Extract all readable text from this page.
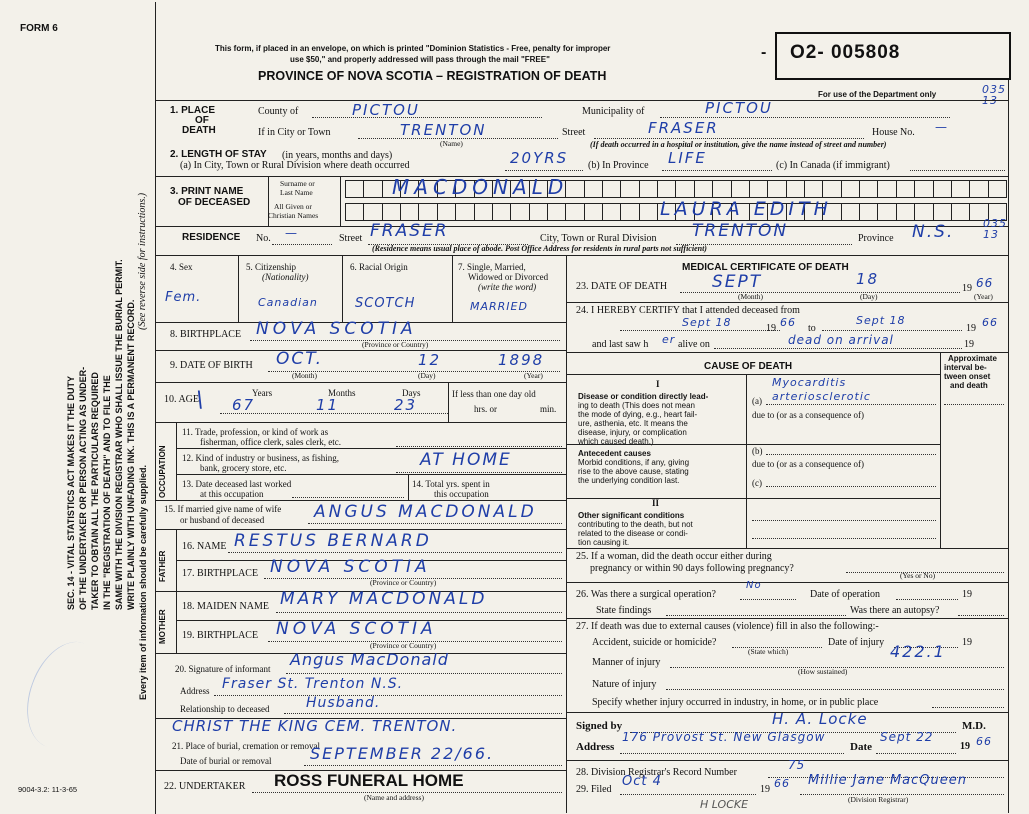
FORM 6
9004-3.2: 11-3-65
SEC. 14 - VITAL STATISTICS ACT MAKES IT THE DUTY OF THE UNDERTAKER OR PERSON ACTING AS UNDER- TAKER TO OBTAIN ALL THE PARTICULARS REQUIRED IN THE "REGISTRATION OF DEATH" AND TO FILE THE SAME WITH THE DIVISION REGISTRAR WHO SHALL ISSUE THE BURIAL PERMIT. WRITE PLAINLY WITH UNFADING INK. THIS IS A PERMANENT RECORD.
(See reverse side for instructions.)
Every item of information should be carefully supplied.
This form, if placed in an envelope, on which is printed "Dominion Statistics - Free, penalty for improper
use $50," and properly addressed will pass through the mail "FREE"
PROVINCE OF NOVA SCOTIA – REGISTRATION OF DEATH
- O2- 005808
For use of the Department only	035 13
1. PLACE
OF
DEATH
County of	PICTOU	Municipality of	PICTOU
If in City or Town	TRENTON
(Name)
Street	FRASER	House No. —
(If death occurred in a hospital or institution, give the name instead of street and number)
2. LENGTH OF STAY (in years, months and days)
(a) In City, Town or Rural Division where death occurred	20YRS (b) In Province LIFE	(c) In Canada (if immigrant)
3. PRINT NAME
OF DECEASED
Surname or
Last Name
All Given or
Christian Names
MACDONALD
LAURA EDITH
RESIDENCE No. —	Street FRASER	City, Town or Rural Division TRENTON	Province N.S.	035 13
(Residence means usual place of abode. Post Office Address for residents in rural parts not sufficient)
4. Sex
Fem.
5. Citizenship
(Nationality)
Canadian
6. Racial Origin
SCOTCH
7. Single, Married,
Widowed or Divorced
(write the word)
MARRIED
8. BIRTHPLACE NOVA SCOTIA
(Province or Country)
9. DATE OF BIRTH OCT.	12	1898
(Month)	(Day)	(Year)
10. AGE
\	Years
67
Months
11
Days
23
If less than one day old
hrs. or	min.
OCCUPATION
11. Trade, profession, or kind of work as
fisherman, office clerk, sales clerk, etc.
12. Kind of industry or business, as fishing,
bank, grocery store, etc.	AT HOME
13. Date deceased last worked
at this occupation
14. Total yrs. spent in
this occupation
15. If married give name of wife
or husband of deceased	ANGUS MACDONALD
FATHER
16. NAME RESTUS BERNARD
17. BIRTHPLACE NOVA SCOTIA
(Province or Country)
MOTHER
18. MAIDEN NAME MARY MACDONALD
19. BIRTHPLACE NOVA SCOTIA
(Province or Country)
20. Signature of informant Angus MacDonald
Address Fraser St. Trenton N.S.
Relationship to deceased	Husband.
CHRIST THE KING CEM. TRENTON.
21. Place of burial, cremation or removal
Date of burial or removal SEPTEMBER 22/66.
22. UNDERTAKER ROSS FUNERAL HOME
(Name and address)
MEDICAL CERTIFICATE OF DEATH
23. DATE OF DEATH	SEPT	18
19 66
(Month)	(Day)	(Year)
24. I HEREBY CERTIFY that I attended deceased from
Sept 18	19 66 to
Sept 18
19 66
and last saw h er alive on	dead on arrival	19
CAUSE OF DEATH
Approximate
interval be-
tween onset
and death
I
Disease or condition directly lead-
ing to death (This does not mean
the mode of dying, e.g., heart fail-
ure, asthenia, etc. It means the
disease, injury, or complication
which caused death.)
(a)
Myocarditis arteriosclerotic
due to (or as a consequence of)
Antecedent causes
Morbid conditions, if any, giving
rise to the above cause, stating
the underlying condition last.
(b)
due to (or as a consequence of)
(c)
II
Other significant conditions
contributing to the death, but not
related to the disease or condi-
tion causing it.
25. If a woman, did the death occur either during
pregnancy or within 90 days following pregnancy?
(Yes or No)
26. Was there a surgical operation?
No
Date of operation	19
State findings	Was there an autopsy?
27. If death was due to external causes (violence) fill in also the following:-
Accident, suicide or homicide?	Date of injury	19
(State which)	422.1
Manner of injury
(How sustained)
Nature of injury
Specify whether injury occurred in industry, in home, or in public place
Signed by	H. A. Locke	M.D.
Address
176 Provost St. New Glasgow
Date
Sept 22
19 66
28. Division Registrar's Record Number
75
29. Filed
Oct 4
19 66 Millie Jane MacQueen
(Division Registrar)
H LOCKE
